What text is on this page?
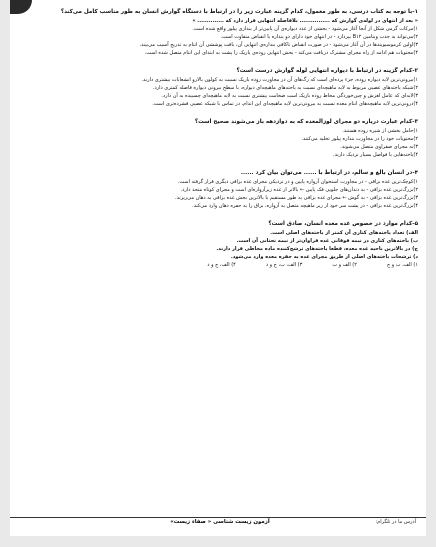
۱-با توجه به کتاب درسی، به طور معمول، کدام گزینه عبارت زیر را در ارتباط با دستگاه گوارش انسان به طور مناسب کامل می‌کند؟
« بعد از انتهای در لوله‌ی گوارش که ................ بلافاصله انتهایی قرار دارد که .............. »
۱)مرکات گرمی شکل از آنجا آغاز می‌شود - بخشی از عدد دیواره‌ی آن پایین‌تر از بندازی پیلور واقع شده است.
۲)می‌تواند به جذب ویتامین B۱۲ بپردازد - در انتهای خود دارای دو بنداره با انقباض متفاوت است.
۳)اولین کرموسیویتدها در آن آغاز می‌شود - در صورت انقباض ناکافی بنداره‌ی انتهایی آن، بافت پوششی آن انتام به تدریج آسیب می‌بیند.
۴)محتویات هم ادامه از راه مجرای مشترک دریافت می‌کند - بخش انتهایی روده‌ی باریک را پشت به ابتدای این انتام متصل شده است.
۲-کدام گزینه در ارتباط با دیواره انتهایی لوله گوارش درست است؟
۱)بیرونی‌ترین لایه دیواره روده، جزء پرده‌ای است که رگ‌های آن در مجاورت روده باریک نسبت به کولون بالارو انشعابات بیشتری دارند.
۲)شبکه یاخته‌های عصبی مربوط به لایه ماهیچه‌ای نسبت به یاخته‌های ماهیچه‌ای دیواره، با سطح بیرونی دیواره فاصله کمتری دارد.
۳)لایه‌ای که عامل لغزش و چین‌خوردگی مخاط روده باریک است ضخامت بیشتری نسبت به لایه ماهیچه‌ای چسبیده به آن دارد.
۴)درونی‌ترین لایه ماهیچه‌های انتام معده نسبت به بیرونی‌ترین لایه ماهیچه‌ای این اندام، در تماس با شبکه عصبی فشرده‌تری است.
۳-کدام عبارت درباره دو مجرای لوزالمعده که به دوازدهه باز می‌شوند صحیح است؟
۱)حامل بخشی از شیره روده هستند.
۲)محتویات خود را در مجاورت بنداره پیلور تخلیه می‌کنند.
۳)به مجرای صفراوی متصل می‌شوند.
۴)یاخته‌هایی با فواصل بسیار نزدیک دارند.
۴-در انسان بالغ و سالم، در ارتباط با ...... می‌توان بیان کرد ......
۱)کوچک‌ترین غده بزاقی - در مجاورت استخوان آرواره پایین و در نزدیکی مجرای غده بزاقی دیگری قرار گرفته است.
۲)بزرگ‌ترین غده بزاقی - به دندان‌های جلویی فک پایین ← بالاتر از غده زیرآرواره‌ای است و مجرای کوتاه متحد دارد.
۳)بزرگ‌ترین غده بزاقی - به گوش ← مجرای غده بزاقی به طور مستقیم با بالاترین بخش غده بزاقی به دهان می‌ریزند.
۴)بزرگ‌ترین غده بزاقی - در پشت سر خود از زیر ماهیچه متصل به آرواره، بزاق را به حفره دهان وارد می‌کند.
۵-کدام موارد در خصوص غده معده انسان، صادق است؟
الف) تعداد یاخته‌های کناری آن کمتر از یاخته‌های اصلی است.
ب) یاخته‌های کناری در نیمه فوقانی غده فراوان‌تر از نیمه تحتانی آن است.
ج) در بالاترین ناحیه غده معده، قطعا یاخته‌های ترشح‌کننده ماده مخاطی قرار دارند.
د) ترشحات یاخته‌های اصلی از طریق مجرای غده به حفره معده وارد می‌شود.
۱) الف، ب و ج
۲) الف و ب
۳) الف، ب، ج و د
۴) الف، ج و د
آزمون زیست شناسی « صفاء زیست»	آدرس ما در تلگرام:
